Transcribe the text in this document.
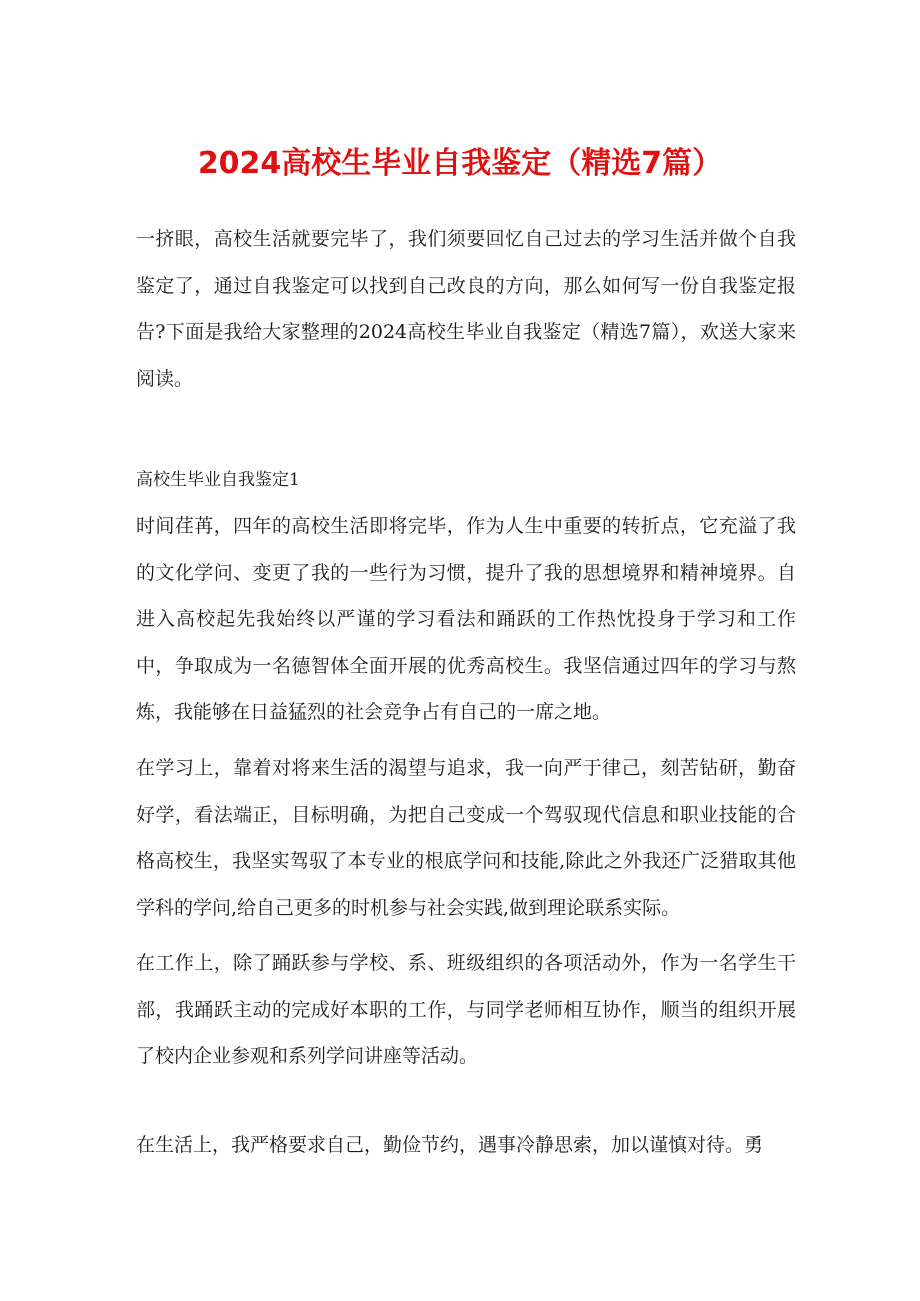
2024高校生毕业自我鉴定（精选7篇）
一挤眼，高校生活就要完毕了，我们须要回忆自己过去的学习生活并做个自我鉴定了，通过自我鉴定可以找到自己改良的方向，那么如何写一份自我鉴定报告?下面是我给大家整理的2024高校生毕业自我鉴定（精选7篇），欢送大家来阅读。
高校生毕业自我鉴定1
时间荏苒，四年的高校生活即将完毕，作为人生中重要的转折点，它充溢了我的文化学问、变更了我的一些行为习惯，提升了我的思想境界和精神境界。自进入高校起先我始终以严谨的学习看法和踊跃的工作热忱投身于学习和工作中，争取成为一名德智体全面开展的优秀高校生。我坚信通过四年的学习与熬炼，我能够在日益猛烈的社会竞争占有自己的一席之地。
在学习上，靠着对将来生活的渴望与追求，我一向严于律己，刻苦钻研，勤奋好学，看法端正，目标明确，为把自己变成一个驾驭现代信息和职业技能的合格高校生，我坚实驾驭了本专业的根底学问和技能,除此之外我还广泛猎取其他学科的学问,给自己更多的时机参与社会实践,做到理论联系实际。
在工作上，除了踊跃参与学校、系、班级组织的各项活动外，作为一名学生干部，我踊跃主动的完成好本职的工作，与同学老师相互协作，顺当的组织开展了校内企业参观和系列学问讲座等活动。
在生活上，我严格要求自己，勤俭节约，遇事冷静思索，加以谨慎对待。勇
